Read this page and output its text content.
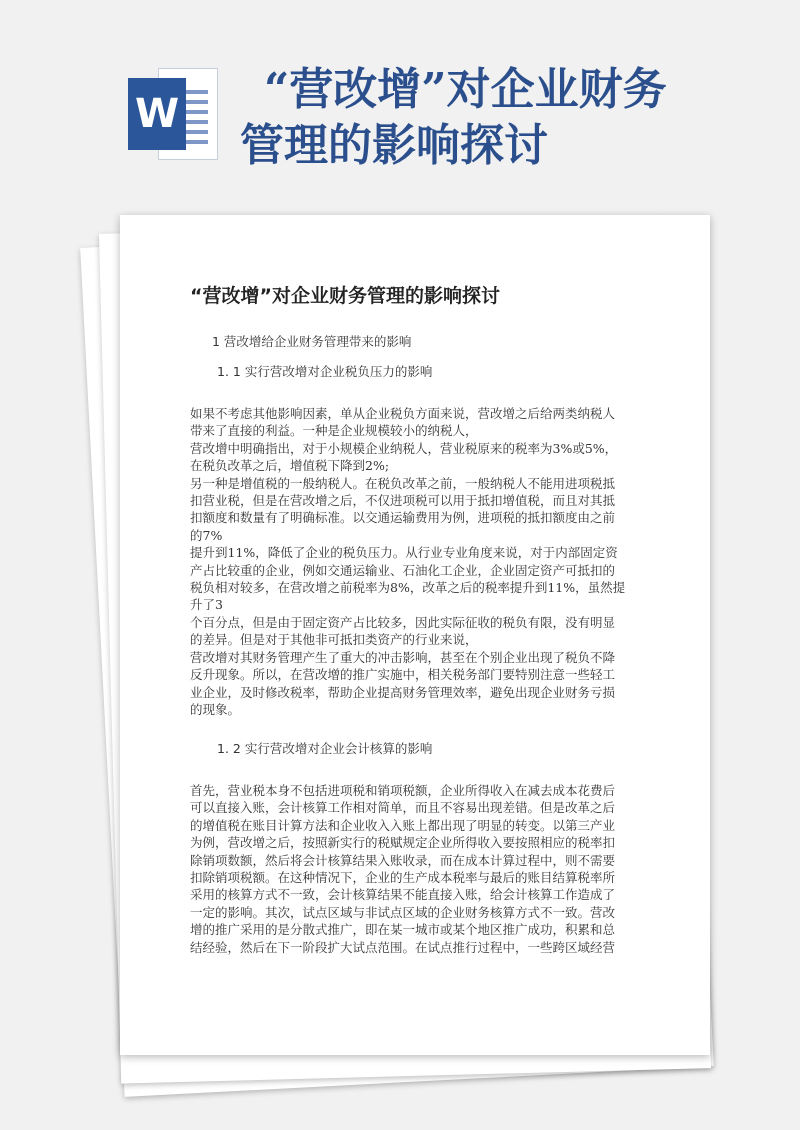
W	“营改增”对企业财务
管理的影响探讨
“营改增”对企业财务管理的影响探讨

1 营改增给企业财务管理带来的影响

1. 1 实行营改增对企业税负压力的影响

如果不考虑其他影响因素，单从企业税负方面来说，营改增之后给两类纳税人
带来了直接的利益。一种是企业规模较小的纳税人，
营改增中明确指出，对于小规模企业纳税人，营业税原来的税率为3%或5%，
在税负改革之后，增值税下降到2%;
另一种是增值税的一般纳税人。在税负改革之前，一般纳税人不能用进项税抵
扣营业税，但是在营改增之后，不仅进项税可以用于抵扣增值税，而且对其抵
扣额度和数量有了明确标准。以交通运输费用为例，进项税的抵扣额度由之前
的7%
提升到11%，降低了企业的税负压力。从行业专业角度来说，对于内部固定资
产占比较重的企业，例如交通运输业、石油化工企业，企业固定资产可抵扣的
税负相对较多，在营改增之前税率为8%，改革之后的税率提升到11%，虽然提
升了3
个百分点，但是由于固定资产占比较多，因此实际征收的税负有限，没有明显
的差异。但是对于其他非可抵扣类资产的行业来说，
营改增对其财务管理产生了重大的冲击影响，甚至在个别企业出现了税负不降
反升现象。所以，在营改增的推广实施中，相关税务部门要特别注意一些轻工
业企业，及时修改税率，帮助企业提高财务管理效率，避免出现企业财务亏损
的现象。

1. 2 实行营改增对企业会计核算的影响

首先，营业税本身不包括进项税和销项税额，企业所得收入在减去成本花费后
可以直接入账，会计核算工作相对简单，而且不容易出现差错。但是改革之后
的增值税在账目计算方法和企业收入入账上都出现了明显的转变。以第三产业
为例，营改增之后，按照新实行的税赋规定企业所得收入要按照相应的税率扣
除销项数额，然后将会计核算结果入账收录，而在成本计算过程中，则不需要
扣除销项税额。在这种情况下，企业的生产成本税率与最后的账目结算税率所
采用的核算方式不一致，会计核算结果不能直接入账，给会计核算工作造成了
一定的影响。其次，试点区域与非试点区域的企业财务核算方式不一致。营改
增的推广采用的是分散式推广，即在某一城市或某个地区推广成功，积累和总
结经验，然后在下一阶段扩大试点范围。在试点推行过程中，一些跨区域经营
